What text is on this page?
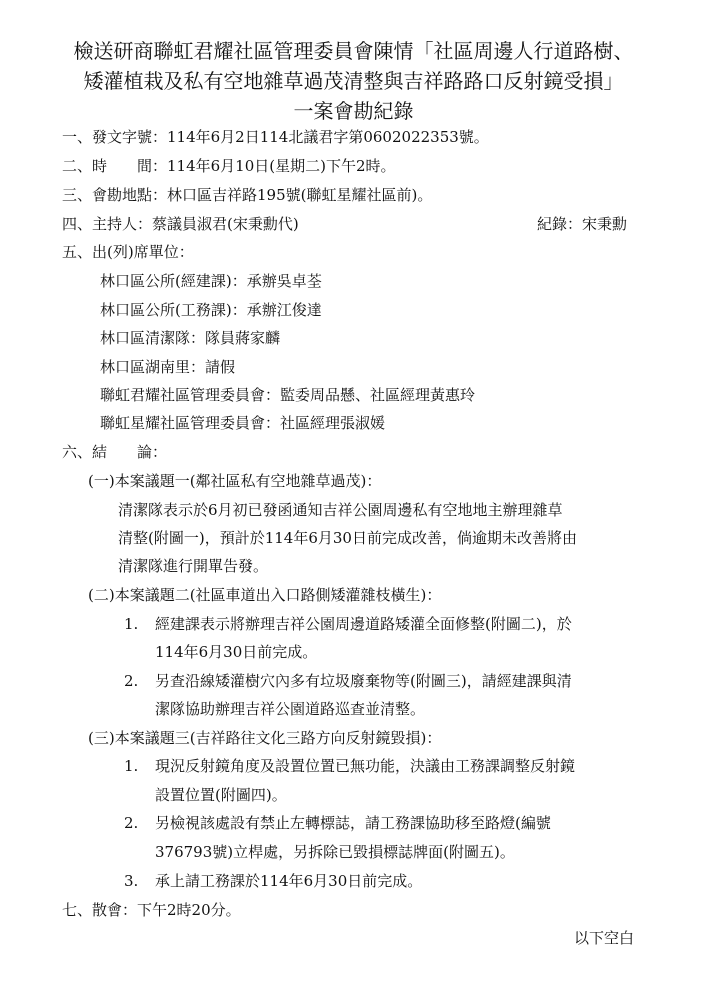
檢送研商聯虹君耀社區管理委員會陳情「社區周邊人行道路樹、
矮灌植栽及私有空地雜草過茂清整與吉祥路路口反射鏡受損」
一案會勘紀錄
一、發文字號：114年6月2日114北議君字第0602022353號。
二、時　　間：114年6月10日(星期二)下午2時。
三、會勘地點：林口區吉祥路195號(聯虹星耀社區前)。
四、主持人：蔡議員淑君(宋秉勳代)	紀錄：宋秉勳
五、出(列)席單位：
林口區公所(經建課)：承辦吳卓荃
林口區公所(工務課)：承辦江俊達
林口區清潔隊：隊員蔣家麟
林口區湖南里：請假
聯虹君耀社區管理委員會：監委周品懸、社區經理黃惠玲
聯虹星耀社區管理委員會：社區經理張淑媛
六、結　　論：
(一)本案議題一(鄰社區私有空地雜草過茂)：
清潔隊表示於6月初已發函通知吉祥公園周邊私有空地地主辦理雜草
清整(附圖一)，預計於114年6月30日前完成改善，倘逾期未改善將由
清潔隊進行開單告發。
(二)本案議題二(社區車道出入口路側矮灌雜枝橫生)：
1. 經建課表示將辦理吉祥公園周邊道路矮灌全面修整(附圖二)，於
114年6月30日前完成。
2. 另查沿線矮灌樹穴內多有垃圾廢棄物等(附圖三)，請經建課與清
潔隊協助辦理吉祥公園道路巡查並清整。
(三)本案議題三(吉祥路往文化三路方向反射鏡毀損)：
1. 現況反射鏡角度及設置位置已無功能，決議由工務課調整反射鏡
設置位置(附圖四)。
2. 另檢視該處設有禁止左轉標誌，請工務課協助移至路燈(編號
376793號)立桿處，另拆除已毀損標誌牌面(附圖五)。
3. 承上請工務課於114年6月30日前完成。
七、散會：下午2時20分。
以下空白
